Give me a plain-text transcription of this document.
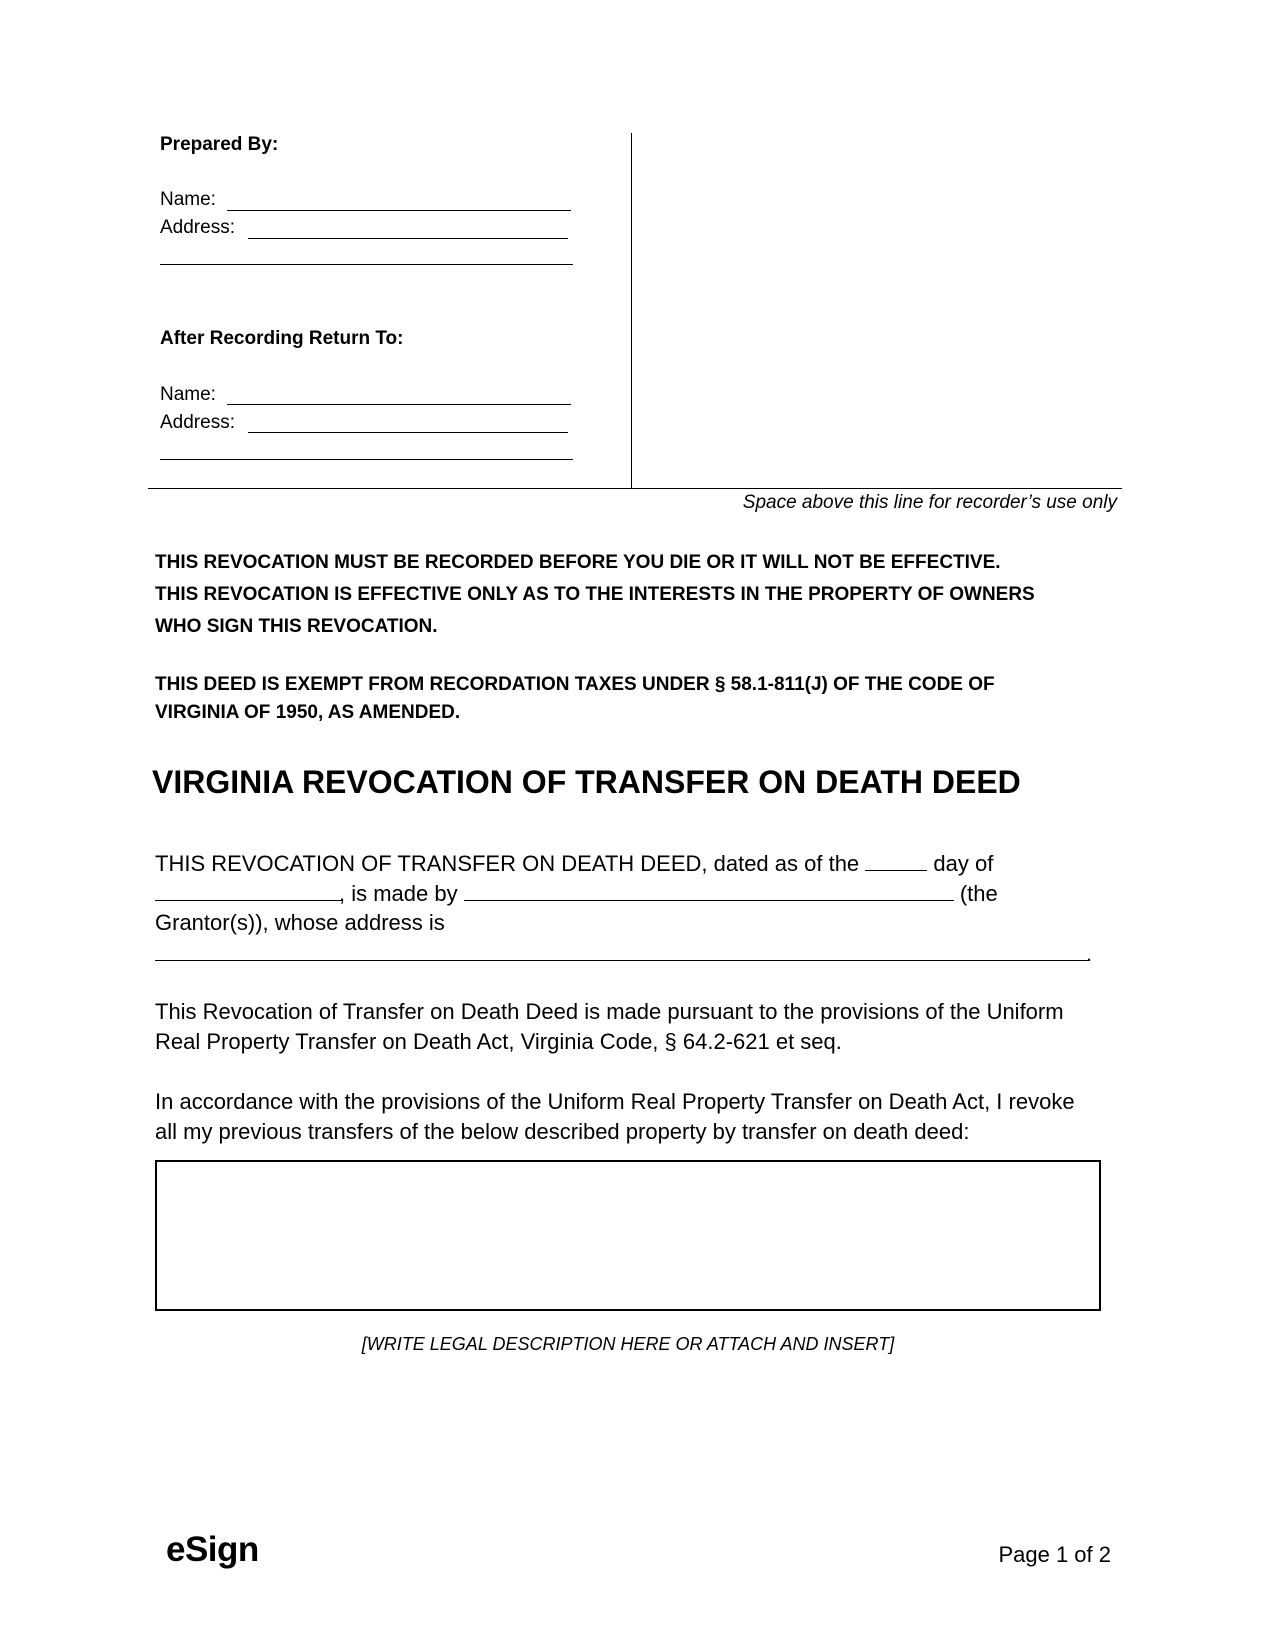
Prepared By:
Name:
Address:
After Recording Return To:
Name:
Address:
Space above this line for recorder’s use only
THIS REVOCATION MUST BE RECORDED BEFORE YOU DIE OR IT WILL NOT BE EFFECTIVE.
THIS REVOCATION IS EFFECTIVE ONLY AS TO THE INTERESTS IN THE PROPERTY OF OWNERS
WHO SIGN THIS REVOCATION.
THIS DEED IS EXEMPT FROM RECORDATION TAXES UNDER § 58.1-811(J) OF THE CODE OF
VIRGINIA OF 1950, AS AMENDED.
VIRGINIA REVOCATION OF TRANSFER ON DEATH DEED
THIS REVOCATION OF TRANSFER ON DEATH DEED, dated as of the	day of
, is made by	(the
Grantor(s)), whose address is
.
This Revocation of Transfer on Death Deed is made pursuant to the provisions of the Uniform
Real Property Transfer on Death Act, Virginia Code, § 64.2-621 et seq.
In accordance with the provisions of the Uniform Real Property Transfer on Death Act, I revoke
all my previous transfers of the below described property by transfer on death deed:
[WRITE LEGAL DESCRIPTION HERE OR ATTACH AND INSERT]
eSign	Page 1 of 2
